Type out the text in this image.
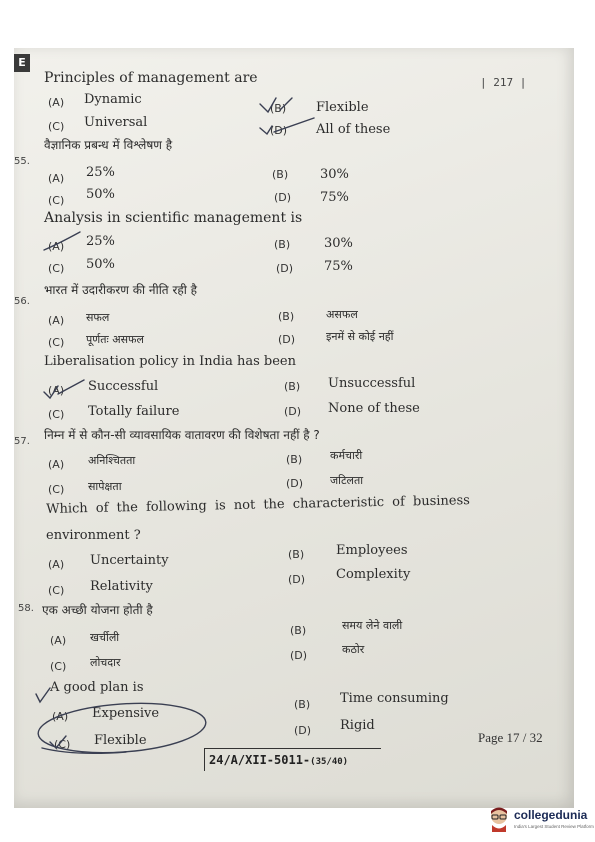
E
| 217 |
Principles of management are
(A) Dynamic
(B) Flexible
(C) Universal
(D) All of these
55.
वैज्ञानिक प्रबन्ध में विश्लेषण है
(A) 25%	(B) 30%
(C) 50%	(D) 75%
Analysis in scientific management is
(A) 25%	(B)	30%
(C) 50%	(D) 75%
56.
भारत में उदारीकरण की नीति रही है
(A) सफल	(B)	असफल
(C) पूर्णतः असफल	(D)	इनमें से कोई नहीं
Liberalisation policy in India has been
(A) Successful	(B) Unsuccessful
(C) Totally failure	(D) None of these
57. निम्न में से कौन-सी व्यावसायिक वातावरण की विशेषता नहीं है ?
(A) अनिश्चितता	(B)	कर्मचारी
(C) सापेक्षता	(D) जटिलता
Which of the following is not the characteristic of business
environment ?
(A) Uncertainty	(B) Employees
(C) Relativity	(D) Complexity
58. एक अच्छी योजना होती है
(A) खर्चीली
(B)	समय लेने वाली
(C) लोचदार
(D)	कठोर
A good plan is
(A) Expensive
(B) Time consuming
(C) Flexible
(D) Rigid
24/A/XII-5011-(35/40)
Page 17 / 32
collegedunia
India's Largest Student Review Platform
